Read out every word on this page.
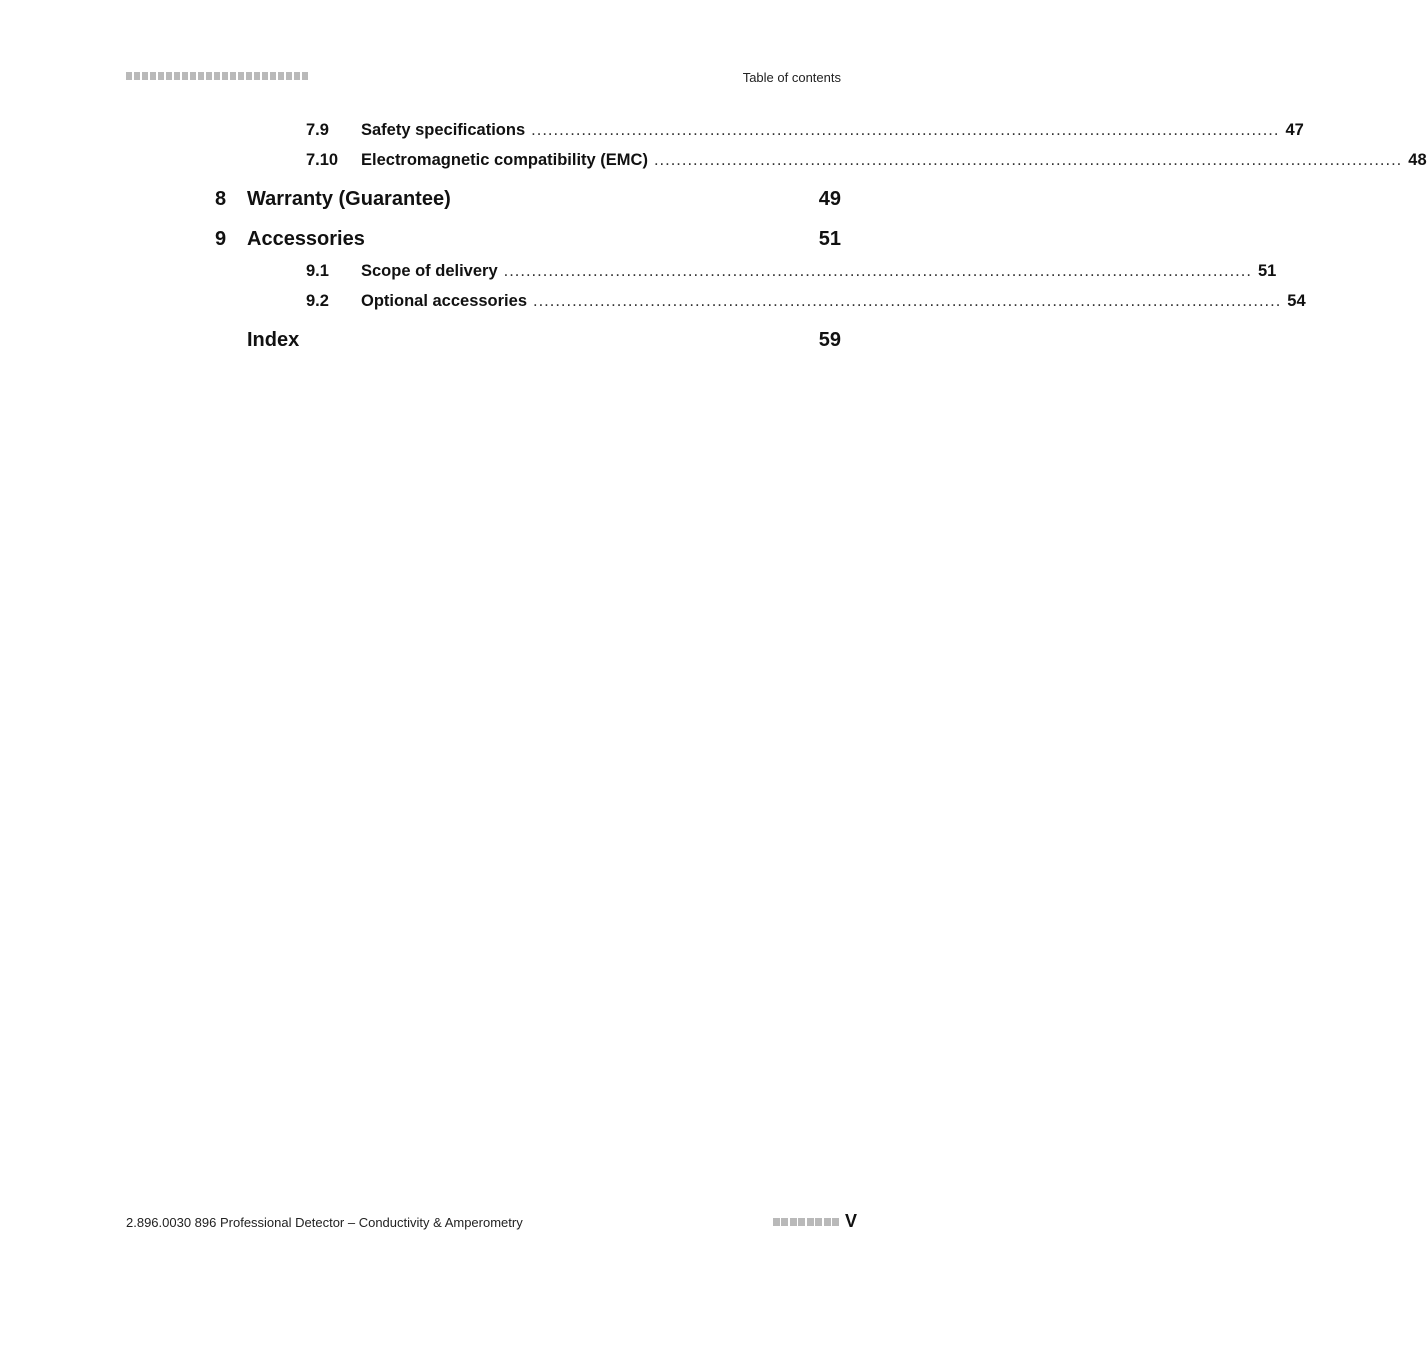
Table of contents
7.9	Safety specifications ...................................................................................................................................... 47
7.10	Electromagnetic compatibility (EMC) ...................................................................................................................................... 48
8	Warranty (Guarantee)	49
9	Accessories	51
9.1	Scope of delivery ...................................................................................................................................... 51
9.2	Optional accessories ...................................................................................................................................... 54
Index	59
2.896.0030 896 Professional Detector – Conductivity & Amperometry	V
